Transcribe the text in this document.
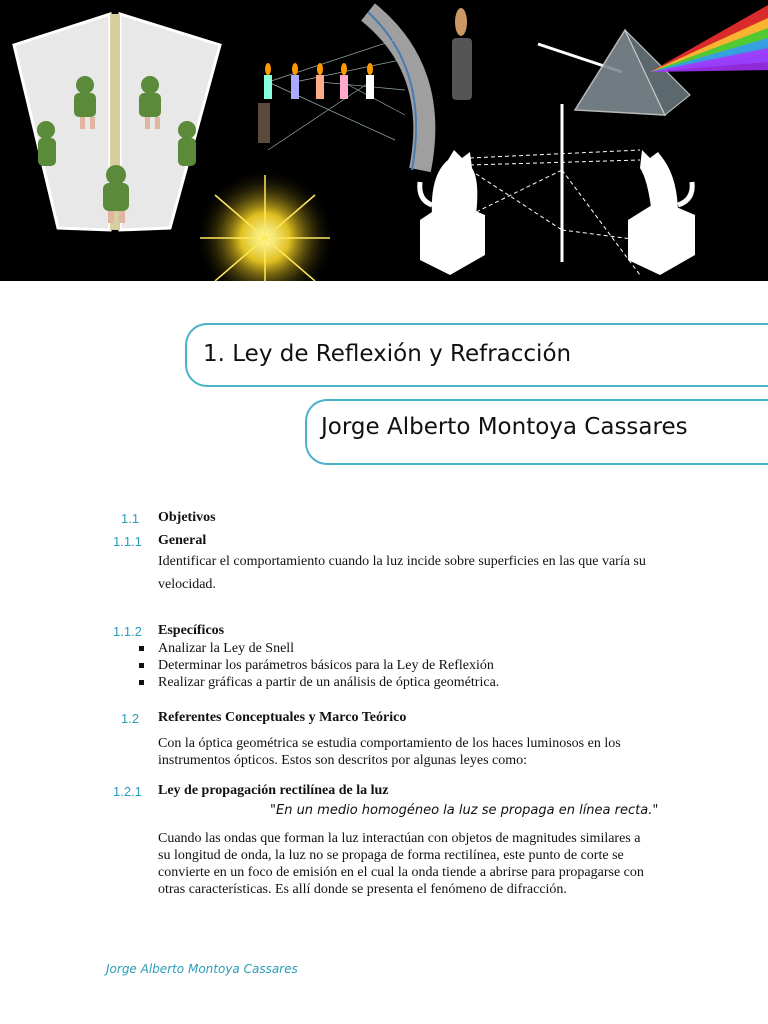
1. Ley de Reflexión y Refracción
Jorge Alberto Montoya Cassares
1.1 Objetivos
1.1.1 General
Identificar el comportamiento cuando la luz incide sobre superficies en las que varía su
velocidad.
1.1.2 Específicos
Analizar la Ley de Snell
Determinar los parámetros básicos para la Ley de Reflexión
Realizar gráficas a partir de un análisis de óptica geométrica.
1.2 Referentes Conceptuales y Marco Teórico
Con la óptica geométrica se estudia comportamiento de los haces luminosos en los
instrumentos ópticos. Estos son descritos por algunas leyes como:
1.2.1 Ley de propagación rectilínea de la luz
"En un medio homogéneo la luz se propaga en línea recta."
Cuando las ondas que forman la luz interactúan con objetos de magnitudes similares a
su longitud de onda, la luz no se propaga de forma rectilínea, este punto de corte se
convierte en un foco de emisión en el cual la onda tiende a abrirse para propagarse con
otras características. Es allí donde se presenta el fenómeno de difracción.
Jorge Alberto Montoya Cassares
